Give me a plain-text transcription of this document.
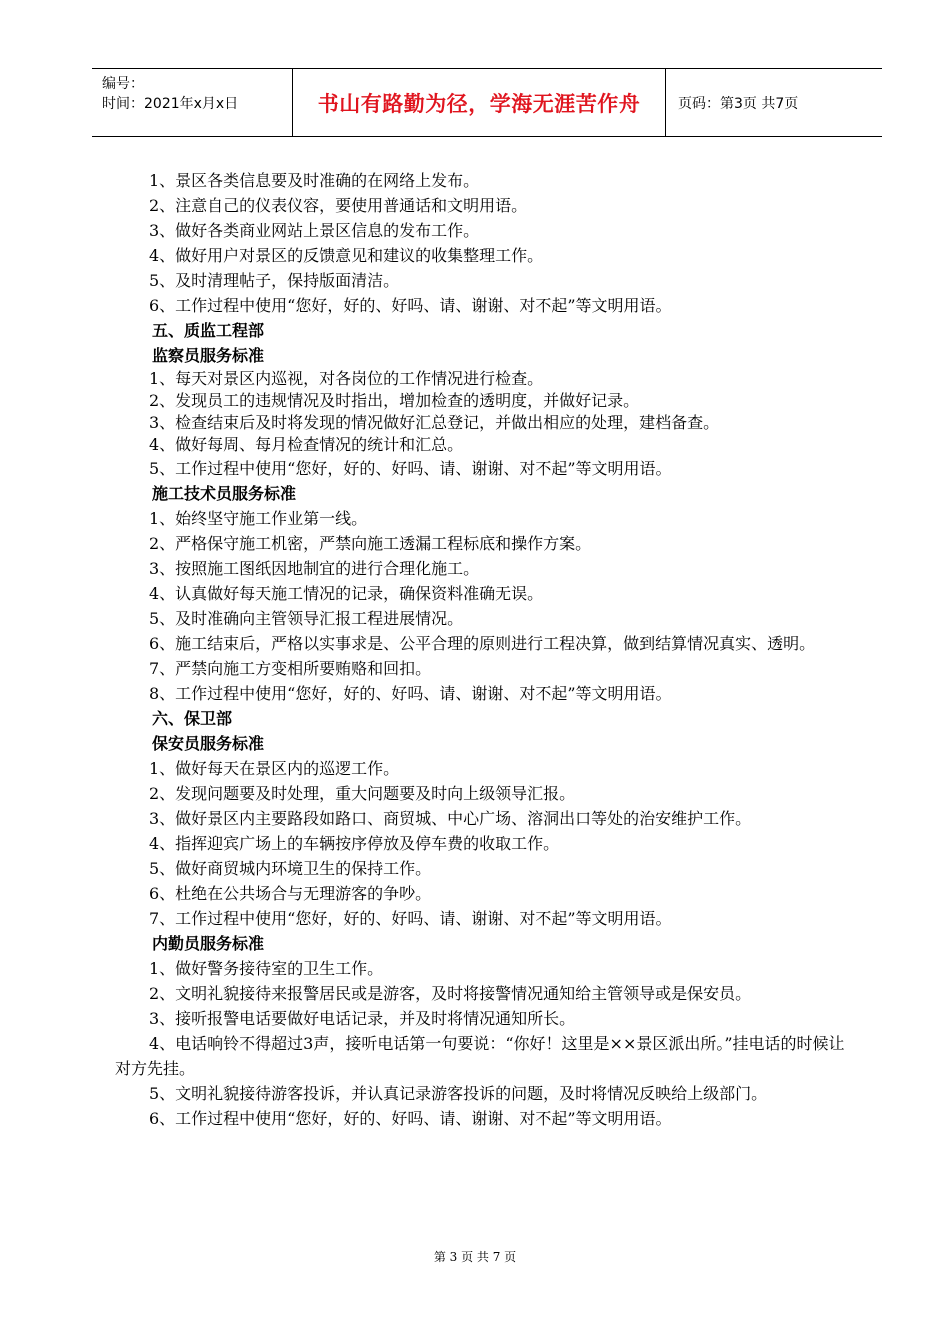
编号：
时间：2021年x月x日	书山有路勤为径，学海无涯苦作舟	页码：第3页 共7页

1、景区各类信息要及时准确的在网络上发布。

2、注意自己的仪表仪容，要使用普通话和文明用语。

3、做好各类商业网站上景区信息的发布工作。

4、做好用户对景区的反馈意见和建议的收集整理工作。

5、及时清理帖子，保持版面清洁。

6、工作过程中使用“您好，好的、好吗、请、谢谢、对不起”等文明用语。

五、质监工程部

监察员服务标准

1、每天对景区内巡视，对各岗位的工作情况进行检查。

2、发现员工的违规情况及时指出，增加检查的透明度，并做好记录。

3、检查结束后及时将发现的情况做好汇总登记，并做出相应的处理，建档备查。

4、做好每周、每月检查情况的统计和汇总。

5、工作过程中使用“您好，好的、好吗、请、谢谢、对不起”等文明用语。

施工技术员服务标准

1、始终坚守施工作业第一线。

2、严格保守施工机密，严禁向施工透漏工程标底和操作方案。

3、按照施工图纸因地制宜的进行合理化施工。

4、认真做好每天施工情况的记录，确保资料准确无误。

5、及时准确向主管领导汇报工程进展情况。

6、施工结束后，严格以实事求是、公平合理的原则进行工程决算，做到结算情况真实、透明。

7、严禁向施工方变相所要贿赂和回扣。

8、工作过程中使用“您好，好的、好吗、请、谢谢、对不起”等文明用语。

六、保卫部

保安员服务标准

1、做好每天在景区内的巡逻工作。

2、发现问题要及时处理，重大问题要及时向上级领导汇报。

3、做好景区内主要路段如路口、商贸城、中心广场、溶洞出口等处的治安维护工作。

4、指挥迎宾广场上的车辆按序停放及停车费的收取工作。

5、做好商贸城内环境卫生的保持工作。

6、杜绝在公共场合与无理游客的争吵。

7、工作过程中使用“您好，好的、好吗、请、谢谢、对不起”等文明用语。

内勤员服务标准

1、做好警务接待室的卫生工作。

2、文明礼貌接待来报警居民或是游客，及时将接警情况通知给主管领导或是保安员。

3、接听报警电话要做好电话记录，并及时将情况通知所长。

4、电话响铃不得超过3声，接听电话第一句要说：“你好！这里是××景区派出所。”挂电话的时候让对方先挂。

5、文明礼貌接待游客投诉，并认真记录游客投诉的问题，及时将情况反映给上级部门。

6、工作过程中使用“您好，好的、好吗、请、谢谢、对不起”等文明用语。

第 3 页 共 7 页
